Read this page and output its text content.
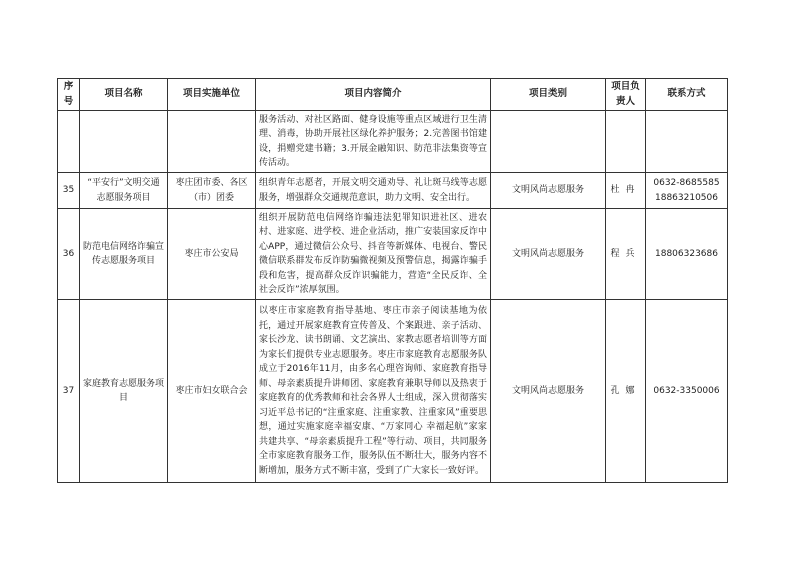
序号	项目名称	项目实施单位	项目内容简介	项目类别	项目负责人	联系方式
			服务活动、对社区路面、健身设施等重点区域进行卫生清理、消毒，协助开展社区绿化养护服务；2.完善图书馆建设，捐赠党建书籍；3.开展金融知识、防范非法集资等宣传活动。			
35	“平安行”文明交通志愿服务项目	枣庄团市委、各区（市）团委	组织青年志愿者，开展文明交通劝导、礼让斑马线等志愿服务，增强群众交通规范意识，助力文明、安全出行。	文明风尚志愿服务	杜冉	0632-8685585 18863210506
36	防范电信网络诈骗宣传志愿服务项目	枣庄市公安局	组织开展防范电信网络诈骗违法犯罪知识进社区、进农村、进家庭、进学校、进企业活动，推广安装国家反诈中心APP，通过微信公众号、抖音等新媒体、电视台、警民微信联系群发布反诈防骗微视频及预警信息，揭露诈骗手段和危害，提高群众反诈识骗能力，营造“全民反诈、全社会反诈”浓厚氛围。	文明风尚志愿服务	程兵	18806323686
37	家庭教育志愿服务项目	枣庄市妇女联合会	以枣庄市家庭教育指导基地、枣庄市亲子阅读基地为依托，通过开展家庭教育宣传普及、个案跟进、亲子活动、家长沙龙、读书朗诵、文艺演出、家教志愿者培训等方面为家长们提供专业志愿服务。枣庄市家庭教育志愿服务队成立于2016年11月，由多名心理咨询师、家庭教育指导师、母亲素质提升讲师团、家庭教育兼职导师以及热衷于家庭教育的优秀教师和社会各界人士组成，深入贯彻落实习近平总书记的“注重家庭、注重家教、注重家风”重要思想，通过实施家庭幸福安康、“万家同心 幸福起航”家家共建共享、“母亲素质提升工程”等行动、项目，共同服务全市家庭教育服务工作，服务队伍不断壮大，服务内容不断增加，服务方式不断丰富，受到了广大家长一致好评。	文明风尚志愿服务	孔娜	0632-3350006
